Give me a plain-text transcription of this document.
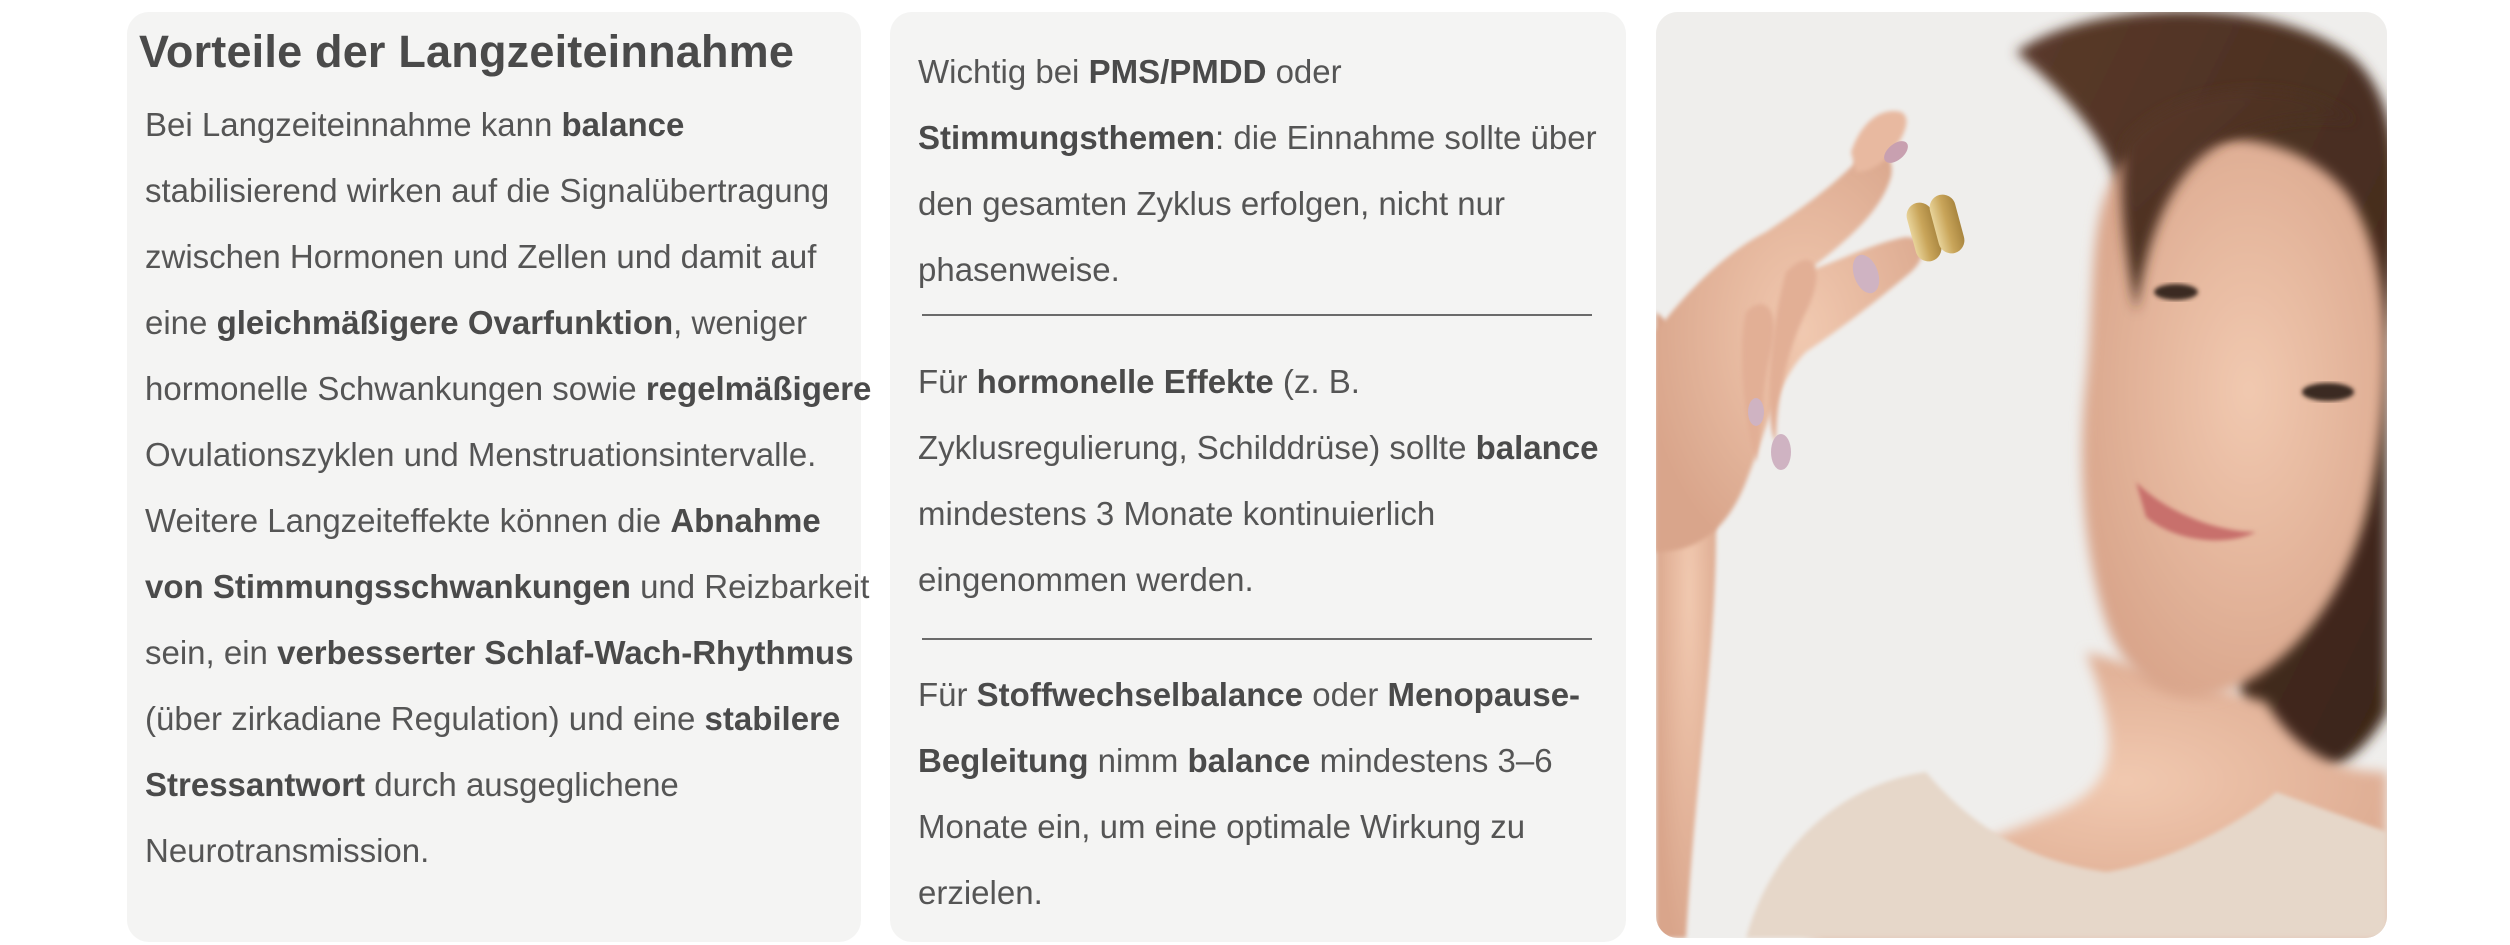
Vorteile der Langzeiteinnahme
Bei Langzeiteinnahme kann balance stabilisierend wirken auf die Signalübertragung zwischen Hormonen und Zellen und damit auf eine gleichmäßigere Ovarfunktion, weniger hormonelle Schwankungen sowie regelmäßigere Ovulationszyklen und Menstruationsintervalle. Weitere Langzeiteffekte können die Abnahme von Stimmungsschwankungen und Reizbarkeit sein, ein verbesserter Schlaf-Wach-Rhythmus (über zirkadiane Regulation) und eine stabilere Stressantwort durch ausgeglichene Neurotransmission.
Wichtig bei PMS/PMDD oder Stimmungsthemen: die Einnahme sollte über den gesamten Zyklus erfolgen, nicht nur phasenweise.
Für hormonelle Effekte (z. B. Zyklusregulierung, Schilddrüse) sollte balance mindestens 3 Monate kontinuierlich eingenommen werden.
Für Stoffwechselbalance oder Menopause-Begleitung nimm balance mindestens 3–6 Monate ein, um eine optimale Wirkung zu erzielen.
